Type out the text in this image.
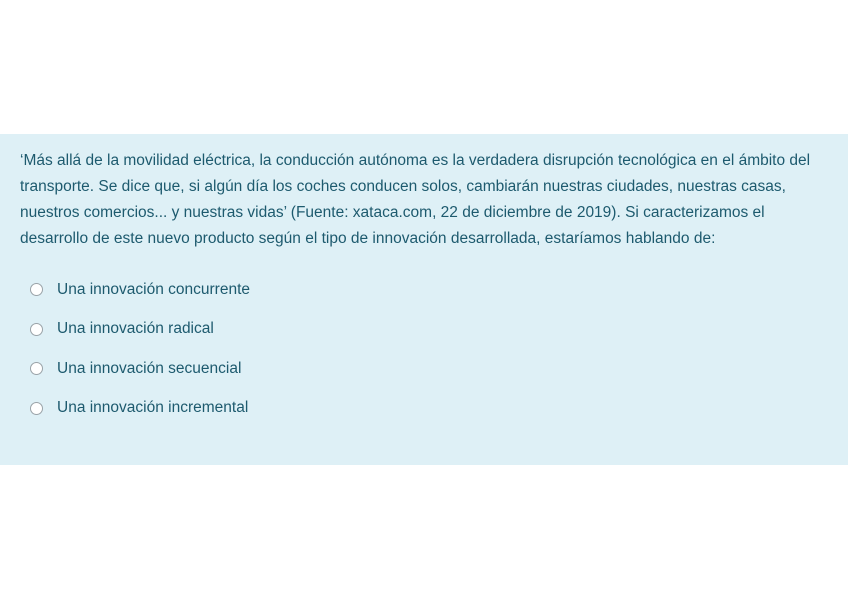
‘Más allá de la movilidad eléctrica, la conducción autónoma es la verdadera disrupción tecnológica en el ámbito del transporte. Se dice que, si algún día los coches conducen solos, cambiarán nuestras ciudades, nuestras casas, nuestros comercios... y nuestras vidas’ (Fuente: xataca.com, 22 de diciembre de 2019). Si caracterizamos el desarrollo de este nuevo producto según el tipo de innovación desarrollada, estaríamos hablando de:

Una innovación concurrente
Una innovación radical
Una innovación secuencial
Una innovación incremental
